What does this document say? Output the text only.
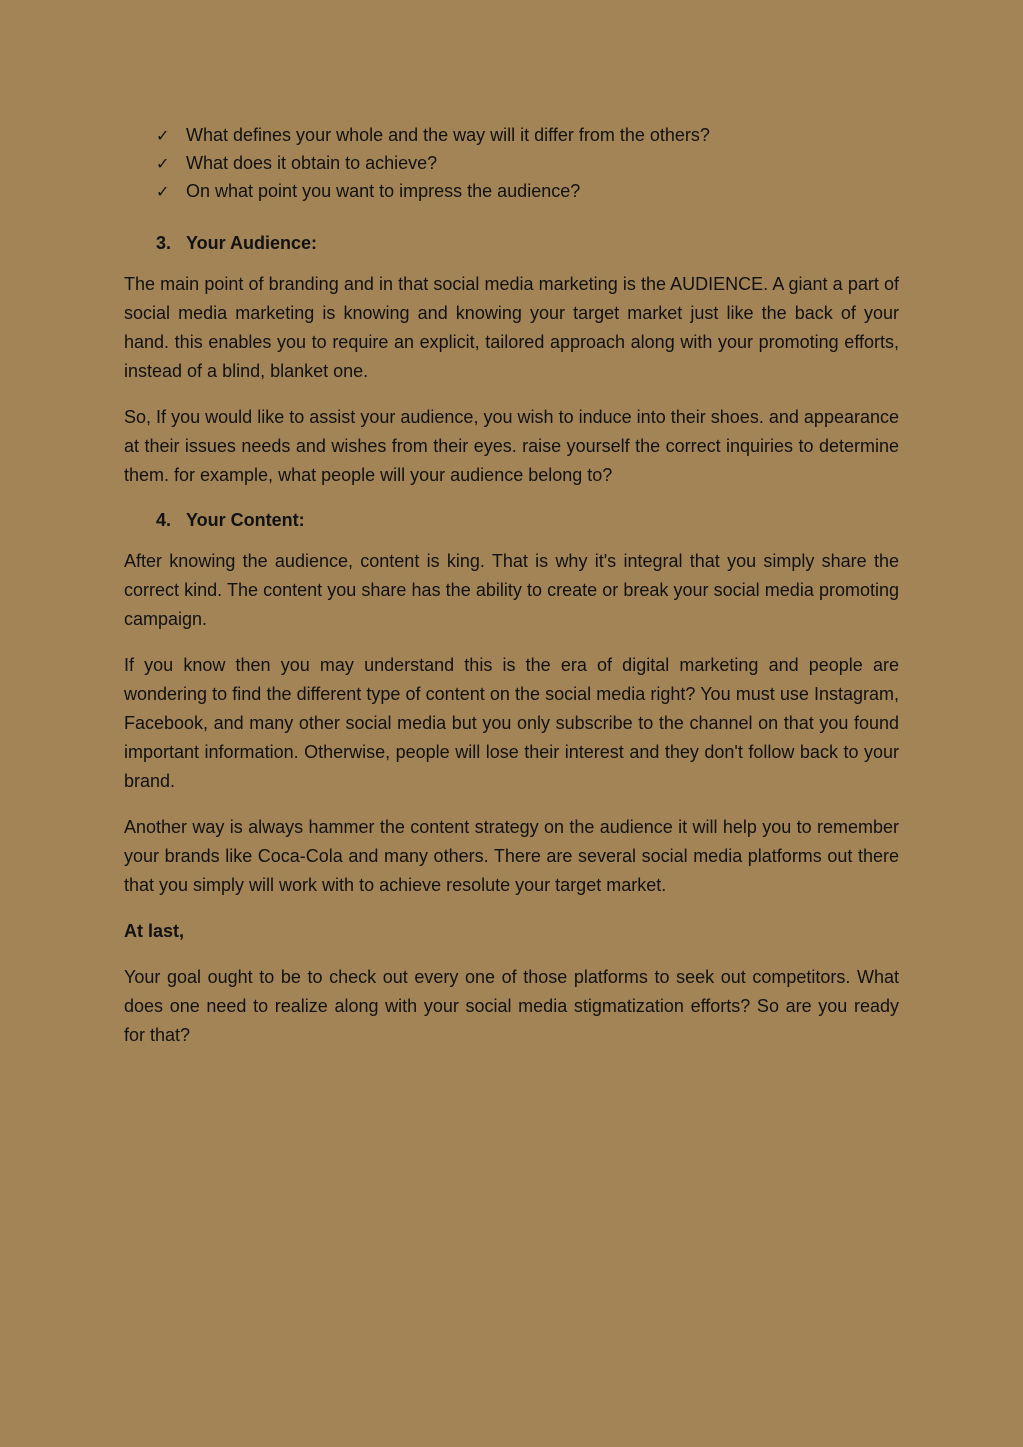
✓ What defines your whole and the way will it differ from the others?
✓ What does it obtain to achieve?
✓ On what point you want to impress the audience?
3. Your Audience:

The main point of branding and in that social media marketing is the AUDIENCE. A giant a part of social media marketing is knowing and knowing your target market just like the back of your hand. this enables you to require an explicit, tailored approach along with your promoting efforts, instead of a blind, blanket one.

So, If you would like to assist your audience, you wish to induce into their shoes. and appearance at their issues needs and wishes from their eyes. raise yourself the correct inquiries to determine them. for example, what people will your audience belong to?

4. Your Content:

After knowing the audience, content is king. That is why it's integral that you simply share the correct kind. The content you share has the ability to create or break your social media promoting campaign.

If you know then you may understand this is the era of digital marketing and people are wondering to find the different type of content on the social media right? You must use Instagram, Facebook, and many other social media but you only subscribe to the channel on that you found important information. Otherwise, people will lose their interest and they don't follow back to your brand.

Another way is always hammer the content strategy on the audience it will help you to remember your brands like Coca-Cola and many others. There are several social media platforms out there that you simply will work with to achieve resolute your target market.

At last,

Your goal ought to be to check out every one of those platforms to seek out competitors. What does one need to realize along with your social media stigmatization efforts? So are you ready for that?
